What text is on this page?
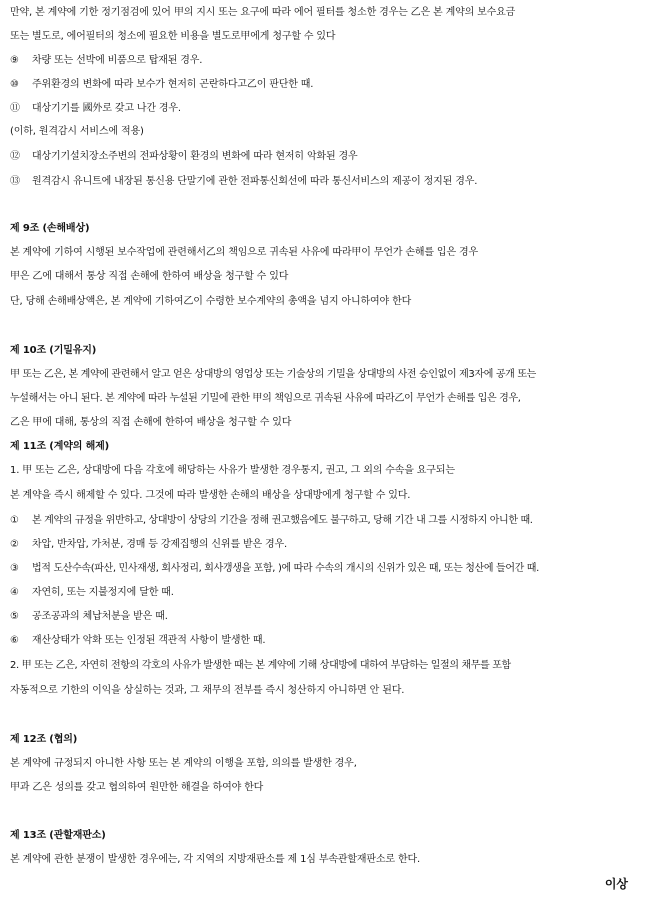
만약, 본 계약에 기한 정기점검에 있어 甲의 지시 또는 요구에 따라 에어 필터를 청소한 경우는 乙은 본 계약의 보수요금
또는 별도로, 에어필터의 청소에 필요한 비용을 별도로甲에게 청구할 수 있다
⑨ 차량 또는 선박에 비품으로 탑재된 경우.
⑩ 주위환경의 변화에 따라 보수가 현저히 곤란하다고乙이 판단한 때.
⑪ 대상기기를 國外로 갖고 나간 경우.
(이하, 원격감시 서비스에 적용)
⑫ 대상기기설치장소주변의 전파상황이 환경의 변화에 따라 현저히 악화된 경우
⑬ 원격감시 유니트에 내장된 통신용 단말기에 관한 전파통신회선에 따라 통신서비스의 제공이 정지된 경우.
제 9조 (손해배상)
본 계약에 기하여 시행된 보수작업에 관련해서乙의 책임으로 귀속된 사유에 따라甲이 무언가 손해를 입은 경우
甲은 乙에 대해서 통상 직접 손해에 한하여 배상을 청구할 수 있다
단, 당해 손해배상액은, 본 계약에 기하여乙이 수령한 보수계약의 총액을 넘지 아니하여야 한다
제 10조 (기밀유지)
甲 또는 乙은, 본 계약에 관련해서 알고 얻은 상대방의 영업상 또는 기술상의 기밀을 상대방의 사전 승인없이 제3자에 공개 또는
누설해서는 아니 된다. 본 계약에 따라 누설된 기밀에 관한 甲의 책임으로 귀속된 사유에 따라乙이 무언가 손해를 입은 경우,
乙은 甲에 대해, 통상의 직접 손해에 한하여 배상을 청구할 수 있다
제 11조 (계약의 해제)
1. 甲 또는 乙은, 상대방에 다음 각호에 해당하는 사유가 발생한 경우통지, 권고, 그 외의 수속을 요구되는
본 계약을 즉시 해제할 수 있다. 그것에 따라 발생한 손해의 배상을 상대방에게 청구할 수 있다.
① 본 계약의 규정을 위반하고, 상대방이 상당의 기간을 정해 권고했음에도 불구하고, 당해 기간 내 그를 시정하지 아니한 때.
② 차압, 반차압, 가처분, 경매 등 강제집행의 신위를 받은 경우.
③ 법적 도산수속(파산, 민사재생, 회사정리, 회사갱생을 포함, )에 따라 수속의 개시의 신위가 있은 때, 또는 청산에 들어간 때.
④ 자연히, 또는 지불정지에 달한 때.
⑤ 공조공과의 체납처분을 받은 때.
⑥ 재산상태가 악화 또는 인정된 객관적 사항이 발생한 때.
2. 甲 또는 乙은, 자연히 전항의 각호의 사유가 발생한 때는 본 계약에 기해 상대방에 대하여 부담하는 일절의 채무를 포함
자동적으로 기한의 이익을 상실하는 것과, 그 채무의 전부를 즉시 청산하지 아니하면 안 된다.
제 12조 (협의)
본 계약에 규정되지 아니한 사항 또는 본 계약의 이행을 포함, 의의를 발생한 경우,
甲과 乙은 성의를 갖고 협의하여 원만한 해결을 하여야 한다
제 13조 (관할재판소)
본 계약에 관한 분쟁이 발생한 경우에는, 각 지역의 지방재판소를 제 1심 부속관할재판소로 한다.
이상
